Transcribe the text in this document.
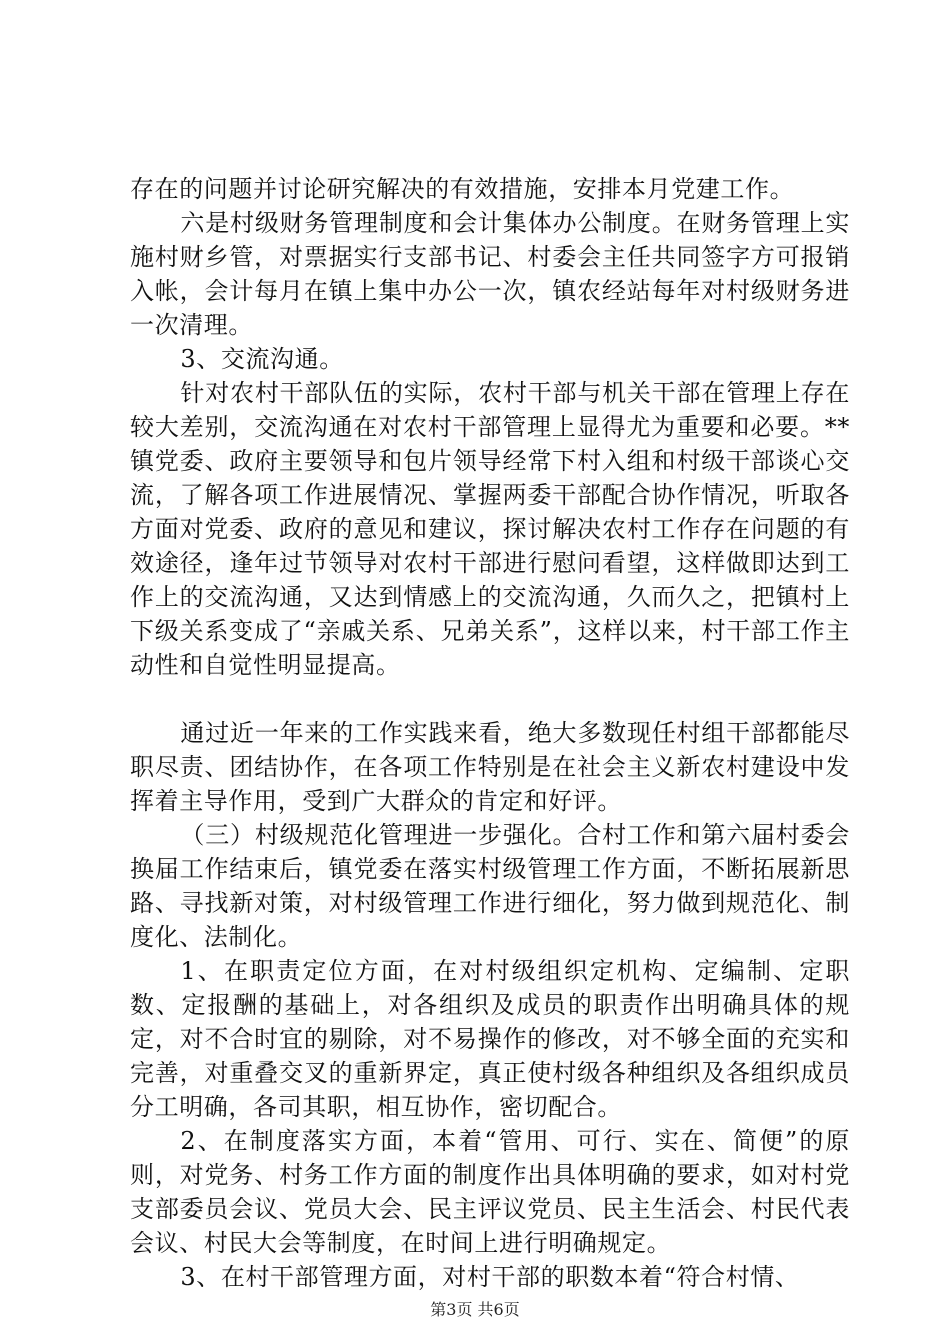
存在的问题并讨论研究解决的有效措施，安排本月党建工作。

六是村级财务管理制度和会计集体办公制度。在财务管理上实施村财乡管，对票据实行支部书记、村委会主任共同签字方可报销入帐，会计每月在镇上集中办公一次，镇农经站每年对村级财务进一次清理。

3、交流沟通。

针对农村干部队伍的实际，农村干部与机关干部在管理上存在较大差别，交流沟通在对农村干部管理上显得尤为重要和必要。**镇党委、政府主要领导和包片领导经常下村入组和村级干部谈心交流，了解各项工作进展情况、掌握两委干部配合协作情况，听取各方面对党委、政府的意见和建议，探讨解决农村工作存在问题的有效途径，逢年过节领导对农村干部进行慰问看望，这样做即达到工作上的交流沟通，又达到情感上的交流沟通，久而久之，把镇村上下级关系变成了“亲戚关系、兄弟关系”，这样以来，村干部工作主动性和自觉性明显提高。

通过近一年来的工作实践来看，绝大多数现任村组干部都能尽职尽责、团结协作，在各项工作特别是在社会主义新农村建设中发挥着主导作用，受到广大群众的肯定和好评。

（三）村级规范化管理进一步强化。合村工作和第六届村委会换届工作结束后，镇党委在落实村级管理工作方面，不断拓展新思路、寻找新对策，对村级管理工作进行细化，努力做到规范化、制度化、法制化。

1、在职责定位方面，在对村级组织定机构、定编制、定职数、定报酬的基础上，对各组织及成员的职责作出明确具体的规定，对不合时宜的剔除，对不易操作的修改，对不够全面的充实和完善，对重叠交叉的重新界定，真正使村级各种组织及各组织成员分工明确，各司其职，相互协作，密切配合。

2、在制度落实方面，本着“管用、可行、实在、简便”的原则，对党务、村务工作方面的制度作出具体明确的要求，如对村党支部委员会议、党员大会、民主评议党员、民主生活会、村民代表会议、村民大会等制度，在时间上进行明确规定。

3、在村干部管理方面，对村干部的职数本着“符合村情、

第3页 共6页
